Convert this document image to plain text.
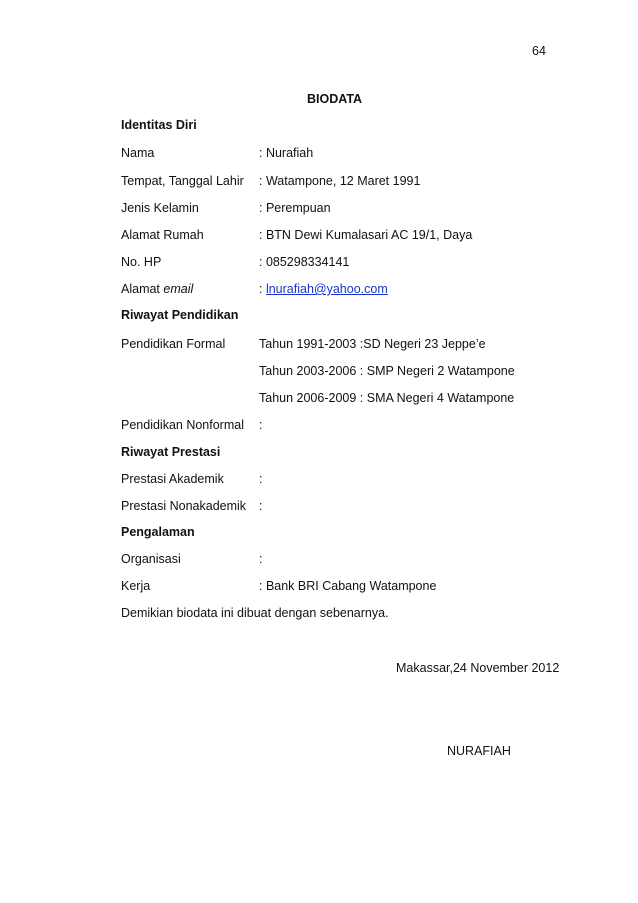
64
BIODATA
Identitas Diri
Nama	: Nurafiah
Tempat, Tanggal Lahir : Watampone, 12 Maret 1991
Jenis Kelamin	: Perempuan
Alamat Rumah	: BTN Dewi Kumalasari AC 19/1, Daya
No. HP	: 085298334141
Alamat email	: lnurafiah@yahoo.com
Riwayat Pendidikan
Pendidikan Formal	Tahun 1991-2003 :SD Negeri 23 Jeppe’e
Tahun 2003-2006 : SMP Negeri 2 Watampone
Tahun 2006-2009 : SMA Negeri 4 Watampone
Pendidikan Nonformal :
Riwayat Prestasi
Prestasi Akademik	:
Prestasi Nonakademik :
Pengalaman
Organisasi	:
Kerja	: Bank BRI Cabang Watampone
Demikian biodata ini dibuat dengan sebenarnya.
Makassar,24 November 2012
NURAFIAH
